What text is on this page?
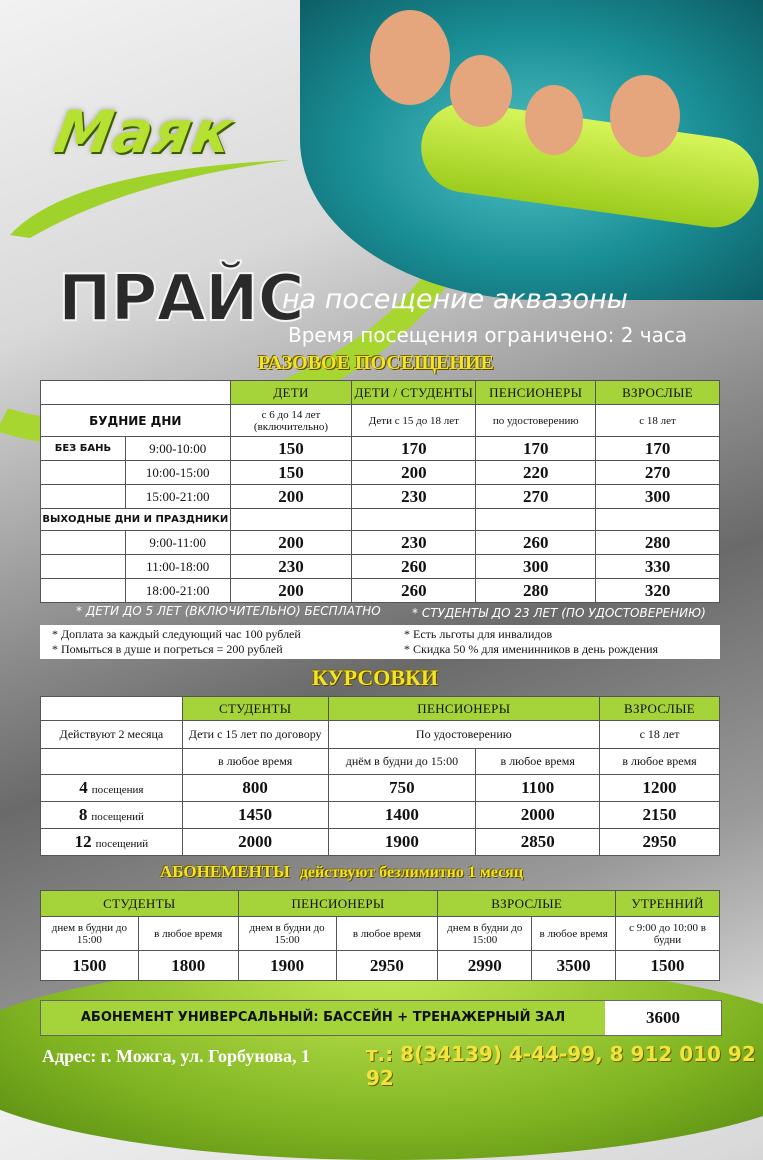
Маяк
ПРАЙС
на посещение аквазоны
Время посещения ограничено: 2 часа
РАЗОВОЕ ПОСЕЩЕНИЕ
		ДЕТИ	ДЕТИ / СТУДЕНТЫ	ПЕНСИОНЕРЫ	ВЗРОСЛЫЕ
БУДНИЕ ДНИ		с 6 до 14 лет (включительно)	Дети с 15 до 18 лет	по удостоверению	с 18 лет
БЕЗ БАНЬ	9:00-10:00	150	170	170	170
	10:00-15:00	150	200	220	270
	15:00-21:00	200	230	270	300
ВЫХОДНЫЕ ДНИ И ПРАЗДНИКИ					
	9:00-11:00	200	230	260	280
	11:00-18:00	230	260	300	330
	18:00-21:00	200	260	280	320
* ДЕТИ ДО 5 ЛЕТ (ВКЛЮЧИТЕЛЬНО) БЕСПЛАТНО	* СТУДЕНТЫ ДО 23 ЛЕТ (ПО УДОСТОВЕРЕНИЮ)
* Доплата за каждый следующий час 100 рублей
* Помыться в душе и погреться = 200 рублей
* Есть льготы для инвалидов
* Скидка 50 % для именинников в день рождения
КУРСОВКИ
	СТУДЕНТЫ	ПЕНСИОНЕРЫ		ВЗРОСЛЫЕ
Действуют 2 месяца	Дети с 15 лет по договору	По удостоверению		с 18 лет
	в любое время	днём в будни до 15:00	в любое время	в любое время
4 посещения	800	750	1100	1200
8 посещений	1450	1400	2000	2150
12 посещений	2000	1900	2850	2950
АБОНЕМЕНТЫ действуют безлимитно 1 месяц
СТУДЕНТЫ		ПЕНСИОНЕРЫ		ВЗРОСЛЫЕ		УТРЕННИЙ
днем в будни до 15:00	в любое время	днем в будни до 15:00	в любое время	днем в будни до 15:00	в любое время	с 9:00 до 10:00 в будни
1500	1800	1900	2950	2990	3500	1500
АБОНЕМЕНТ УНИВЕРСАЛЬНЫЙ: БАССЕЙН + ТРЕНАЖЕРНЫЙ ЗАЛ	3600
Адрес: г. Можга, ул. Горбунова, 1	т.: 8(34139) 4-44-99, 8 912 010 92 92
